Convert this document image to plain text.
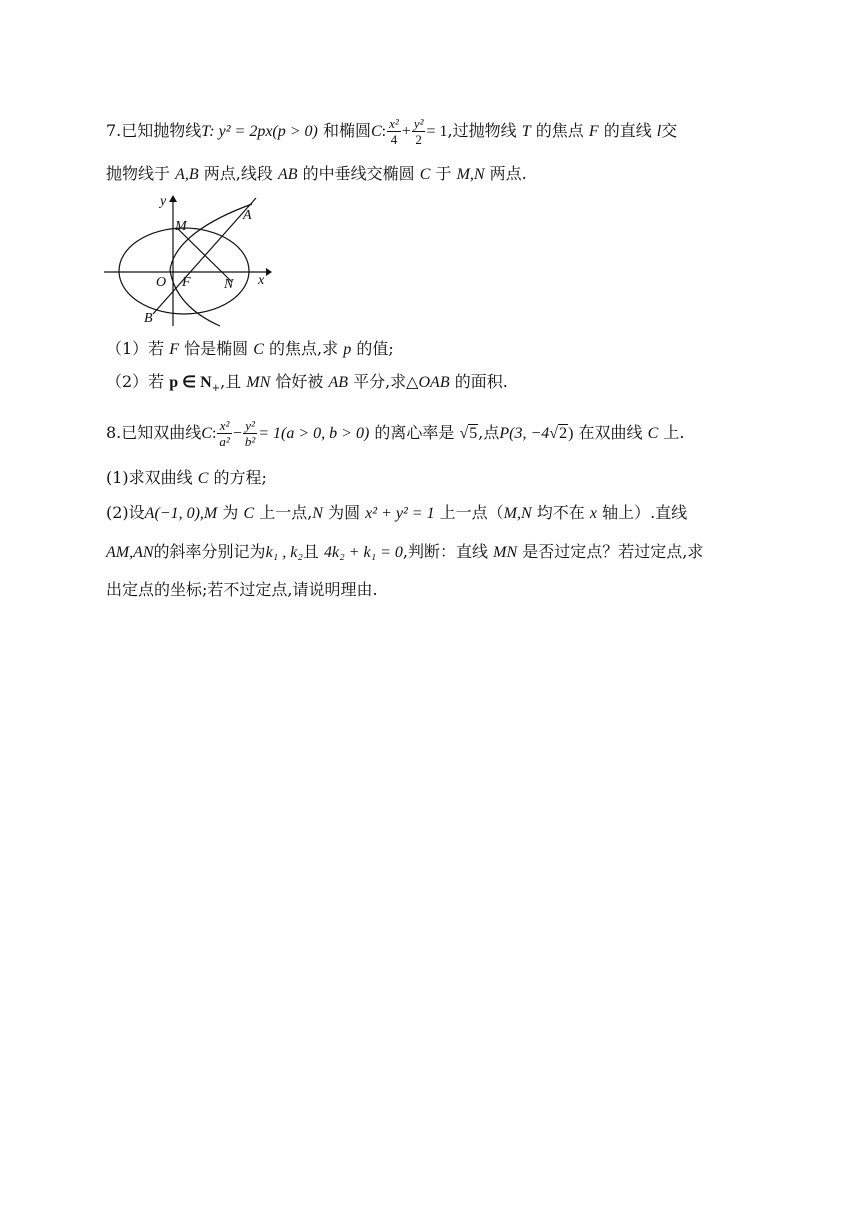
7.已知抛物线T: y² = 2px(p > 0) 和椭圆C: $\frac{\text{x²}}{4} + \frac{\text{y²}}{2} = 1$,过抛物线 T 的焦点 F 的直线 l交
抛物线于 A,B 两点,线段 AB 的中垂线交椭圆 C 于 M,N 两点.
y
x
M
A
O F N
B
（1）若 F 恰是椭圆 C 的焦点,求 p 的值;
（2）若 p ∈ $N_+$,且 MN 恰好被 AB 平分,求△OAB 的面积.
8.已知双曲线C: $\frac{\text{x²}}{\text{a²}} - \frac{\text{y²}}{\text{b²}} = 1(a > 0$, b > 0) 的离心率是 √5,点P(3, −4√2) 在双曲线 C 上.
(1)求双曲线 C 的方程;
(2)设A(−1, 0),M 为 C 上一点,N 为圆 x² + y² = 1 上一点（M,N 均不在 x 轴上）.直线
AM,AN的斜率分别记为k₁ , k₂且 4k₂ + k₁ = 0,判断：直线 MN 是否过定点？若过定点,求
出定点的坐标;若不过定点,请说明理由.
